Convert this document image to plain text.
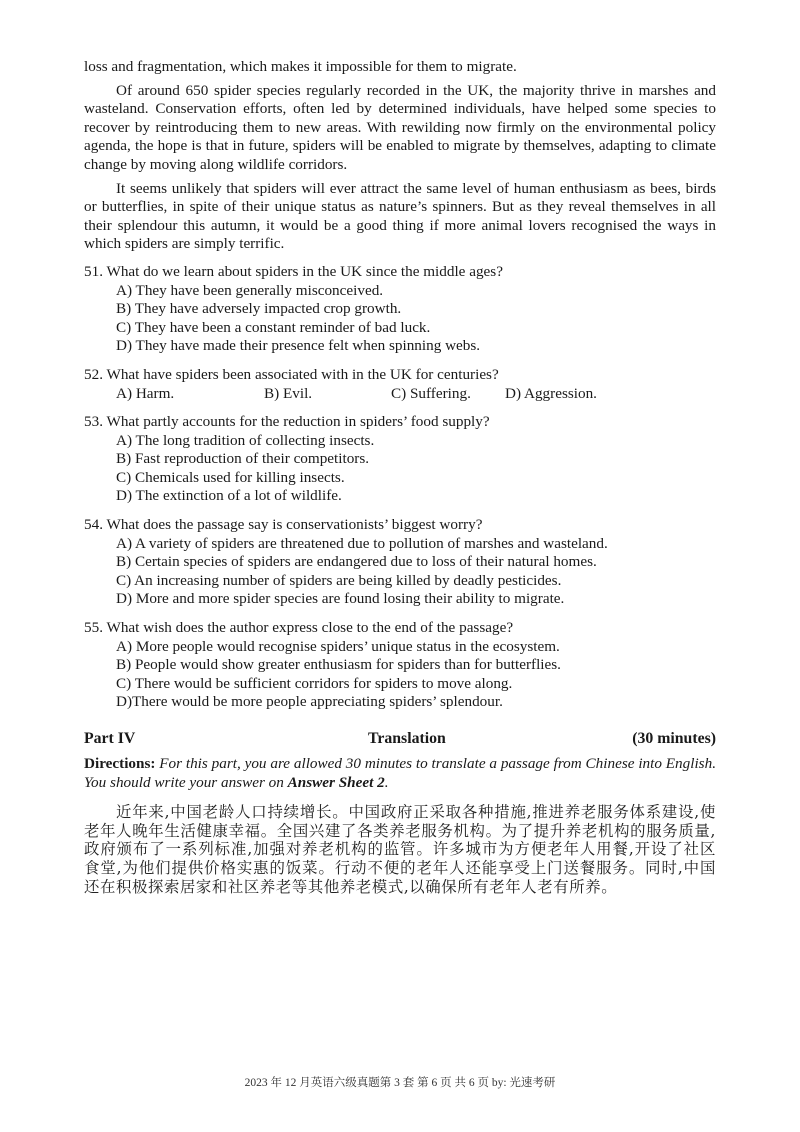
loss and fragmentation, which makes it impossible for them to migrate.

Of around 650 spider species regularly recorded in the UK, the majority thrive in marshes and wasteland. Conservation efforts, often led by determined individuals, have helped some species to recover by reintroducing them to new areas. With rewilding now firmly on the environmental policy agenda, the hope is that in future, spiders will be enabled to migrate by themselves, adapting to climate change by moving along wildlife corridors.

It seems unlikely that spiders will ever attract the same level of human enthusiasm as bees, birds or butterflies, in spite of their unique status as nature’s spinners. But as they reveal themselves in all their splendour this autumn, it would be a good thing if more animal lovers recognised the ways in which spiders are simply terrific.

51. What do we learn about spiders in the UK since the middle ages?
A) They have been generally misconceived.
B) They have adversely impacted crop growth.
C) They have been a constant reminder of bad luck.
D) They have made their presence felt when spinning webs.
52. What have spiders been associated with in the UK for centuries?
A) Harm.	B) Evil.	C) Suffering. D) Aggression.
53. What partly accounts for the reduction in spiders’ food supply?
A) The long tradition of collecting insects.
B) Fast reproduction of their competitors.
C) Chemicals used for killing insects.
D) The extinction of a lot of wildlife.
54. What does the passage say is conservationists’ biggest worry?
A) A variety of spiders are threatened due to pollution of marshes and wasteland.
B) Certain species of spiders are endangered due to loss of their natural homes.
C) An increasing number of spiders are being killed by deadly pesticides.
D) More and more spider species are found losing their ability to migrate.
55. What wish does the author express close to the end of the passage?
A) More people would recognise spiders’ unique status in the ecosystem.
B) People would show greater enthusiasm for spiders than for butterflies.
C) There would be sufficient corridors for spiders to move along.
D)There would be more people appreciating spiders’ splendour.
Part IV	Translation	(30 minutes)

Directions: For this part, you are allowed 30 minutes to translate a passage from Chinese into English. You should write your answer on Answer Sheet 2.

近年来,中国老龄人口持续增长。中国政府正采取各种措施,推进养老服务体系建设,使老年人晚年生活健康幸福。全国兴建了各类养老服务机构。为了提升养老机构的服务质量,政府颁布了一系列标准,加强对养老机构的监管。许多城市为方便老年人用餐,开设了社区食堂,为他们提供价格实惠的饭菜。行动不便的老年人还能享受上门送餐服务。同时,中国还在积极探索居家和社区养老等其他养老模式,以确保所有老年人老有所养。

2023 年 12 月英语六级真题第 3 套 第 6 页 共 6 页 by: 光速考研
